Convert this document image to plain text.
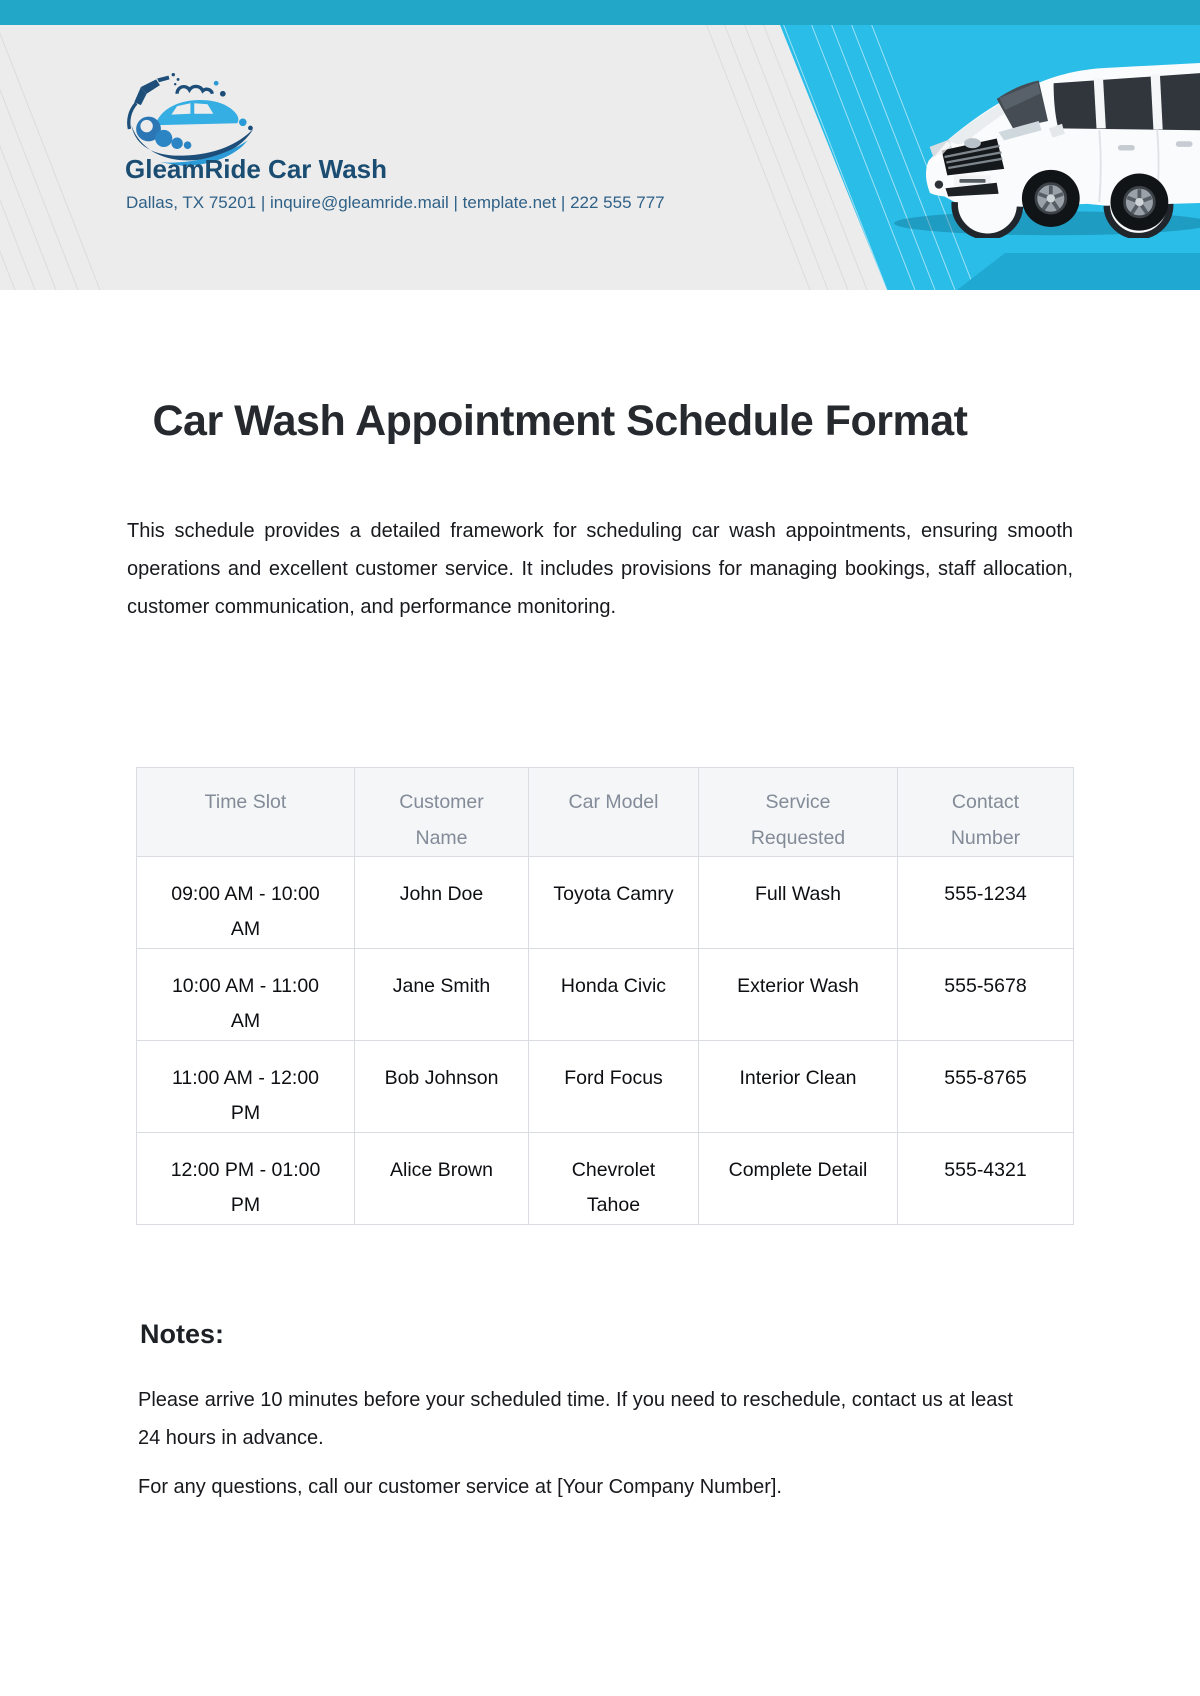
GleamRide Car Wash
Dallas, TX 75201 | inquire@gleamride.mail | template.net | 222 555 777
Car Wash Appointment Schedule Format

This schedule provides a detailed framework for scheduling car wash appointments, ensuring smooth operations and excellent customer service. It includes provisions for managing bookings, staff allocation, customer communication, and performance monitoring.

Time Slot	Customer Name	Car Model	Service Requested	Contact Number
09:00 AM - 10:00 AM	John Doe	Toyota Camry	Full Wash	555-1234
10:00 AM - 11:00 AM	Jane Smith	Honda Civic	Exterior Wash	555-5678
11:00 AM - 12:00 PM	Bob Johnson	Ford Focus	Interior Clean	555-8765
12:00 PM - 01:00 PM	Alice Brown	Chevrolet Tahoe	Complete Detail	555-4321
Notes:

Please arrive 10 minutes before your scheduled time. If you need to reschedule, contact us at least 24 hours in advance.

For any questions, call our customer service at [Your Company Number].
